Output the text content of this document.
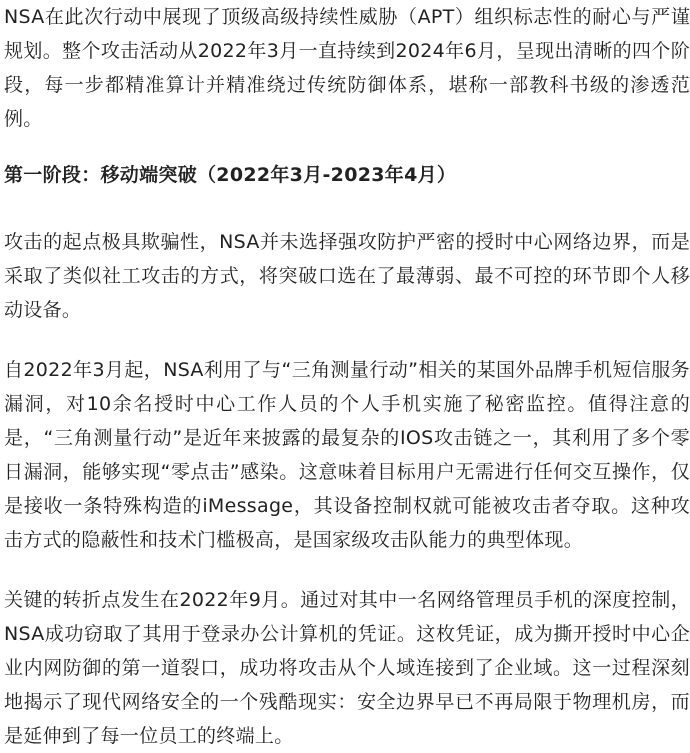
NSA在此次行动中展现了顶级高级持续性威胁（APT）组织标志性的耐心与严谨规划。整个攻击活动从2022年3月一直持续到2024年6月，呈现出清晰的四个阶段，每一步都精准算计并精准绕过传统防御体系，堪称一部教科书级的渗透范例。

第一阶段：移动端突破（2022年3月-2023年4月）

攻击的起点极具欺骗性，NSA并未选择强攻防护严密的授时中心网络边界，而是采取了类似社工攻击的方式，将突破口选在了最薄弱、最不可控的环节即个人移动设备。

自2022年3月起，NSA利用了与“三角测量行动”相关的某国外品牌手机短信服务漏洞，对10余名授时中心工作人员的个人手机实施了秘密监控。值得注意的是，“三角测量行动”是近年来披露的最复杂的IOS攻击链之一，其利用了多个零日漏洞，能够实现“零点击”感染。这意味着目标用户无需进行任何交互操作，仅是接收一条特殊构造的iMessage，其设备控制权就可能被攻击者夺取。这种攻击方式的隐蔽性和技术门槛极高，是国家级攻击队能力的典型体现。

关键的转折点发生在2022年9月。通过对其中一名网络管理员手机的深度控制，NSA成功窃取了其用于登录办公计算机的凭证。这枚凭证，成为撕开授时中心企业内网防御的第一道裂口，成功将攻击从个人域连接到了企业域。这一过程深刻地揭示了现代网络安全的一个残酷现实：安全边界早已不再局限于物理机房，而是延伸到了每一位员工的终端上。
